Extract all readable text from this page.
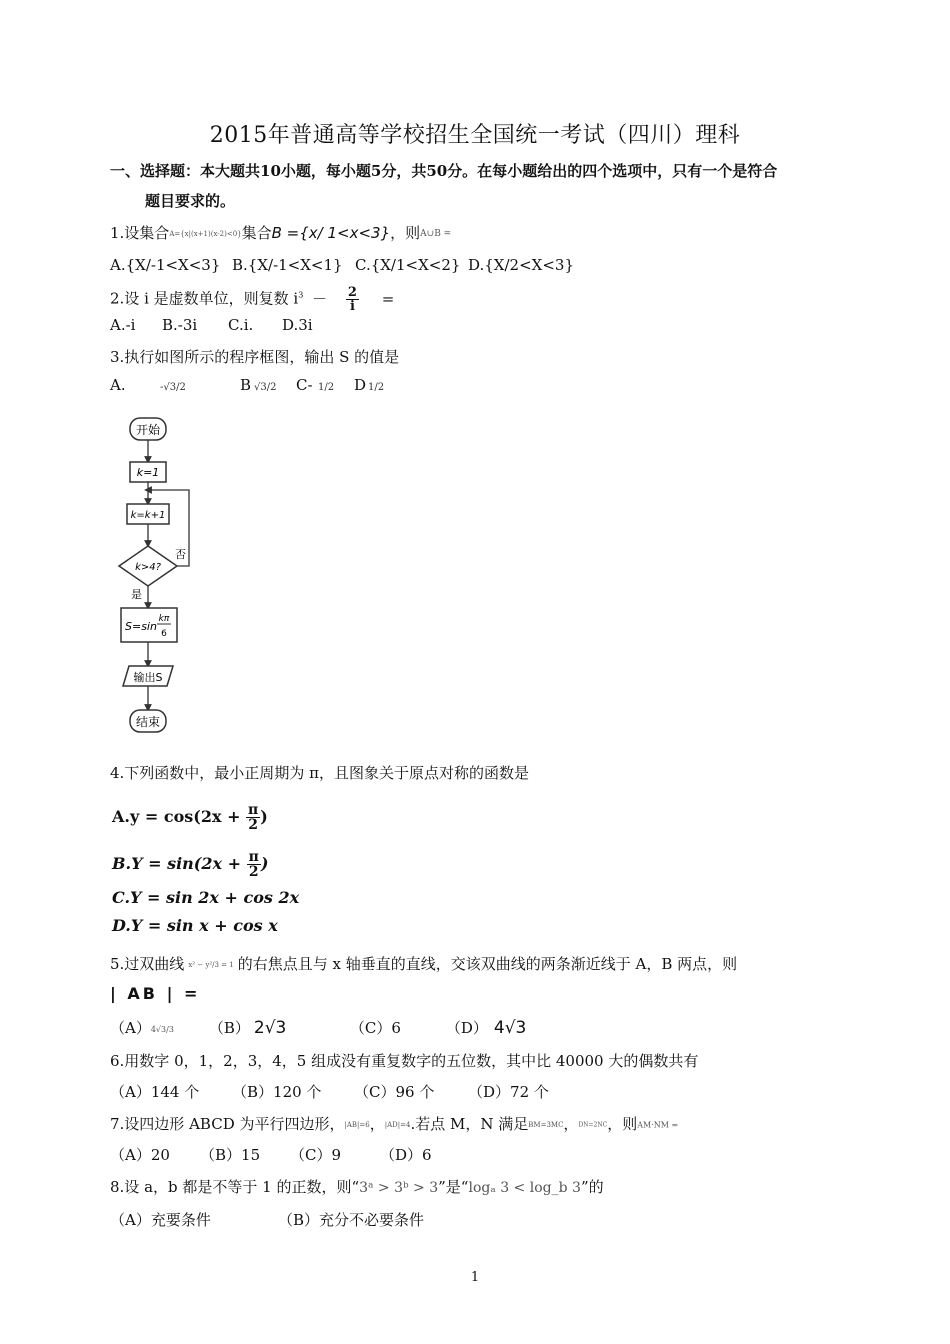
2015年普通高等学校招生全国统一考试（四川）理科
一、选择题：本大题共10小题，每小题5分，共50分。在每小题给出的四个选项中，只有一个是符合
题目要求的。
1.设集合A={x|(x+1)(x-2)<0}集合B ={x/ 1<x<3}，则A∪B =
A.{X/-1<X<3} B.{X/-1<X<1} C.{X/1<X<2} D.{X/2<X<3}
2.设 i 是虚数单位，则复数 $i^3 - \frac{2}{i}$ =
A.-i B.-3i C.i. D.3i
3.执行如图所示的程序框图，输出 S 的值是
A.	-√3/2	B √3/2 C- 1/2 D 1/2
开始
k=1
k=k+1
k>4?
否
是
S=sin
kπ
6
输出S
结束
4.下列函数中，最小正周期为 π，且图象关于原点对称的函数是
$A.y = \cos(2x + \frac{\pi}{2}$ )
$B.Y = \sin(2x + \frac{\pi}{2}$ )
C.Y = sin 2x + cos 2x
D.Y = sin x + cos x
5.过双曲线 x² − y²/3 = 1 的右焦点且与 x 轴垂直的直线，交该双曲线的两条渐近线于 A，B 两点，则
| AB | =
（A）4√3/3 （B） 2√3	（C）6	（D） 4√3
6.用数字 0，1，2，3，4，5 组成没有重复数字的五位数，其中比 40000 大的偶数共有
（A）144 个 （B）120 个 （C）96 个 （D）72 个
7.设四边形 ABCD 为平行四边形，|AB|=6，|AD|=4.若点 M，N 满足BM=3MC，DN=2NC，则AM·NM =
（A）20 （B）15 （C）9	（D）6
8.设 a，b 都是不等于 1 的正数，则“3ᵃ > 3ᵇ > 3”是“logₐ 3 < log_b 3”的
（A）充要条件	（B）充分不必要条件
1
